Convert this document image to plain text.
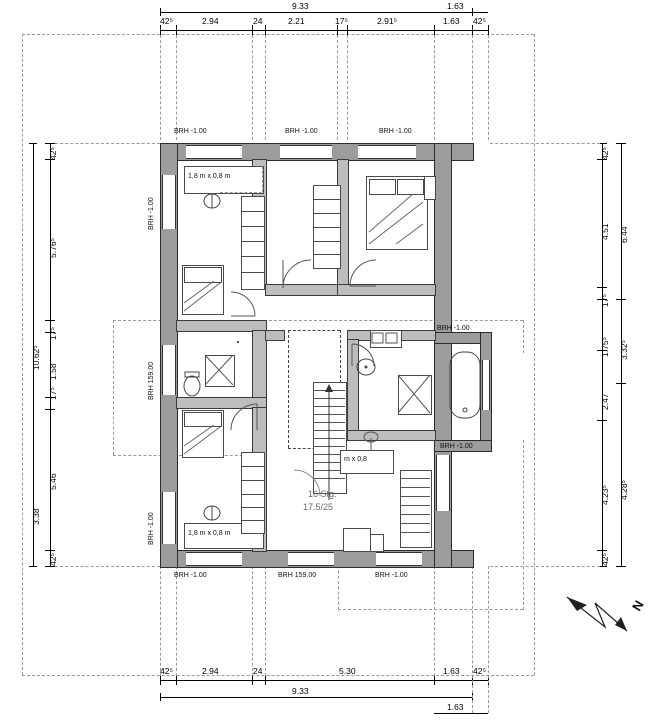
9.33	1.63
42⁵	2.94	24	2.21	17⁵	2.91⁵	1.63 42⁵
10.62⁵
42⁵
5.76⁵
17⁵
1.58
17⁵
5.46
42⁵
3.38
42⁵
4.51
17⁵
1.75⁵
2.47
4.23⁵
42⁵
6.44
3.32⁵
4.28⁵
42⁵	2.94	24	5.30	1.63 42⁵
9.33
1.63
1,8 m x 0,8 m
1,8 m x 0,8 m
16 Stg.
17.5/25
m x 0,8
BRH -1.00	BRH -1.00	BRH -1.00
BRH -1.00
BRH 159.00
BRH -1.00
BRH -1.00
BRH -1.00
BRH -1.00	BRH 159.00	BRH -1.00
N
